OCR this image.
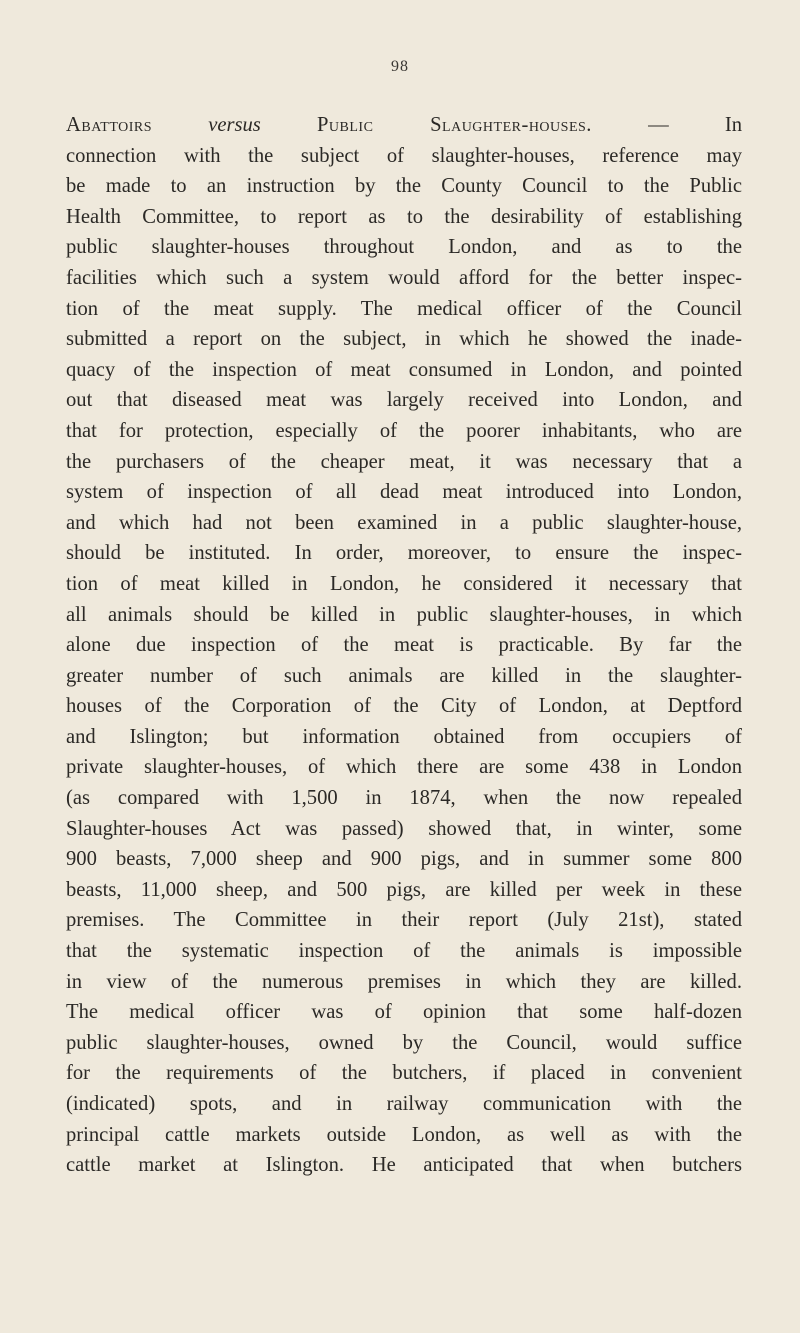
98
Abattoirs	versus	Public Slaughter-houses. — In
connection with the subject of slaughter-houses, reference may
be made to an instruction by the County Council to the Public
Health Committee, to report as to the desirability of establishing
public slaughter-houses throughout London, and as to the
facilities which such a system would afford for the better inspec-
tion of the meat supply. The medical officer of the Council
submitted a report on the subject, in which he showed the inade-
quacy of the inspection of meat consumed in London, and pointed
out that diseased meat was largely received into London, and
that for protection, especially of the poorer inhabitants, who are
the purchasers of the cheaper meat, it was necessary that a
system of inspection of all dead meat introduced into London,
and which had not been examined in a public slaughter-house,
should be instituted. In order, moreover, to ensure the inspec-
tion of meat killed in London, he considered it necessary that
all animals should be killed in public slaughter-houses, in which
alone due inspection of the meat is practicable. By far the
greater number of such animals are killed in the slaughter-
houses of the Corporation of the City of London, at Deptford
and Islington; but information obtained from occupiers of
private slaughter-houses, of which there are some 438 in London
(as compared with 1,500 in 1874, when the now repealed
Slaughter-houses Act was passed) showed that, in winter, some
900 beasts, 7,000 sheep and 900 pigs, and in summer some 800
beasts, 11,000 sheep, and 500 pigs, are killed per week in these
premises. The Committee in their report (July 21st), stated
that the systematic inspection of the animals is impossible
in view of the numerous premises in which they are killed.
The medical officer was of opinion that some half-dozen
public slaughter-houses, owned by the Council, would suffice
for the requirements of the butchers, if placed in convenient
(indicated) spots, and in railway communication with the
principal cattle markets outside London, as well as with the
cattle market at Islington. He anticipated that when butchers
